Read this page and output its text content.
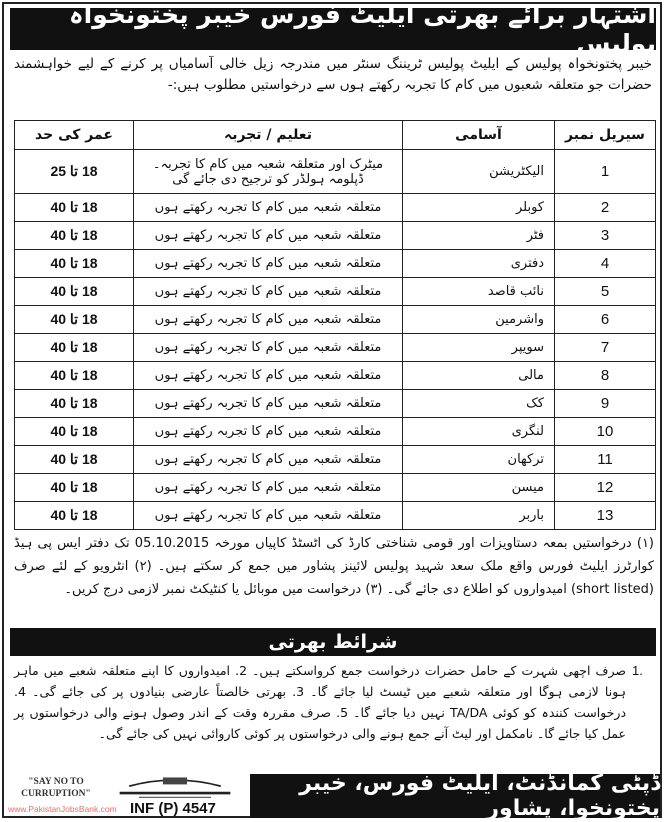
اشتہار برائے بھرتی ایلیٹ فورس خیبر پختونخواہ پولیس
خیبر پختونخواہ پولیس کے ایلیٹ پولیس ٹریننگ سنٹر میں مندرجہ زیل خالی آسامیاں پر کرنے کے لیے خواہشمند حضرات جو متعلقہ شعبوں میں کام کا تجربہ رکھتے ہوں سے درخواستیں مطلوب ہیں:-
سیریل نمبر	آسامی	تعلیم / تجربہ	عمر کی حد
1	الیکٹریشن	میٹرک اور متعلقہ شعبہ میں کام کا تجربہ۔ ڈپلومہ ہولڈر کو ترجیح دی جائے گی	18 تا 25
2	کوبلر	متعلقہ شعبہ میں کام کا تجربہ رکھتے ہوں	18 تا 40
3	فٹر	متعلقہ شعبہ میں کام کا تجربہ رکھتے ہوں	18 تا 40
4	دفتری	متعلقہ شعبہ میں کام کا تجربہ رکھتے ہوں	18 تا 40
5	نائب قاصد	متعلقہ شعبہ میں کام کا تجربہ رکھتے ہوں	18 تا 40
6	واشرمین	متعلقہ شعبہ میں کام کا تجربہ رکھتے ہوں	18 تا 40
7	سویپر	متعلقہ شعبہ میں کام کا تجربہ رکھتے ہوں	18 تا 40
8	مالی	متعلقہ شعبہ میں کام کا تجربہ رکھتے ہوں	18 تا 40
9	کک	متعلقہ شعبہ میں کام کا تجربہ رکھتے ہوں	18 تا 40
10	لنگری	متعلقہ شعبہ میں کام کا تجربہ رکھتے ہوں	18 تا 40
11	ترکھان	متعلقہ شعبہ میں کام کا تجربہ رکھتے ہوں	18 تا 40
12	میسن	متعلقہ شعبہ میں کام کا تجربہ رکھتے ہوں	18 تا 40
13	باربر	متعلقہ شعبہ میں کام کا تجربہ رکھتے ہوں	18 تا 40
(۱) درخواستیں بمعہ دستاویزات اور قومی شناختی کارڈ کی اٹسٹڈ کاپیاں مورخہ 05.10.2015 تک دفتر ایس پی ہیڈ کوارٹرز ایلیٹ فورس واقع ملک سعد شہید پولیس لائینز پشاور میں جمع کر سکتے ہیں۔ (۲) انٹرویو کے لئے صرف (short listed) امیدواروں کو اطلاع دی جائے گی۔ (۳) درخواست میں موبائل یا کنٹیکٹ نمبر لازمی درج کریں۔
شرائط بھرتی
1.
صرف اچھی شہرت کے حامل حضرات درخواست جمع کرواسکتے ہیں۔ 2. امیدواروں کا اپنے متعلقہ شعبے میں ماہر ہونا لازمی ہوگا اور متعلقہ شعبے میں ٹیسٹ لیا جائے گا۔ 3. بھرتی خالصتاً عارضی بنیادوں پر کی جائے گی۔ 4. درخواست کنندہ کو کوئی TA/DA نہیں دیا جائے گا۔ 5. صرف مقررہ وقت کے اندر وصول ہونے والی درخواستوں پر عمل کیا جائے گا۔ نامکمل اور لیٹ آنے جمع ہونے والی درخواستوں پر کوئی کاروائی نہیں کی جائے گی۔
"SAY NO TO CURRUPTION"
INF (P) 4547
www.PakistanJobsBank.com
ڈپٹی کمانڈنٹ، ایلیٹ فورس، خیبر پختونخوا، پشاور
